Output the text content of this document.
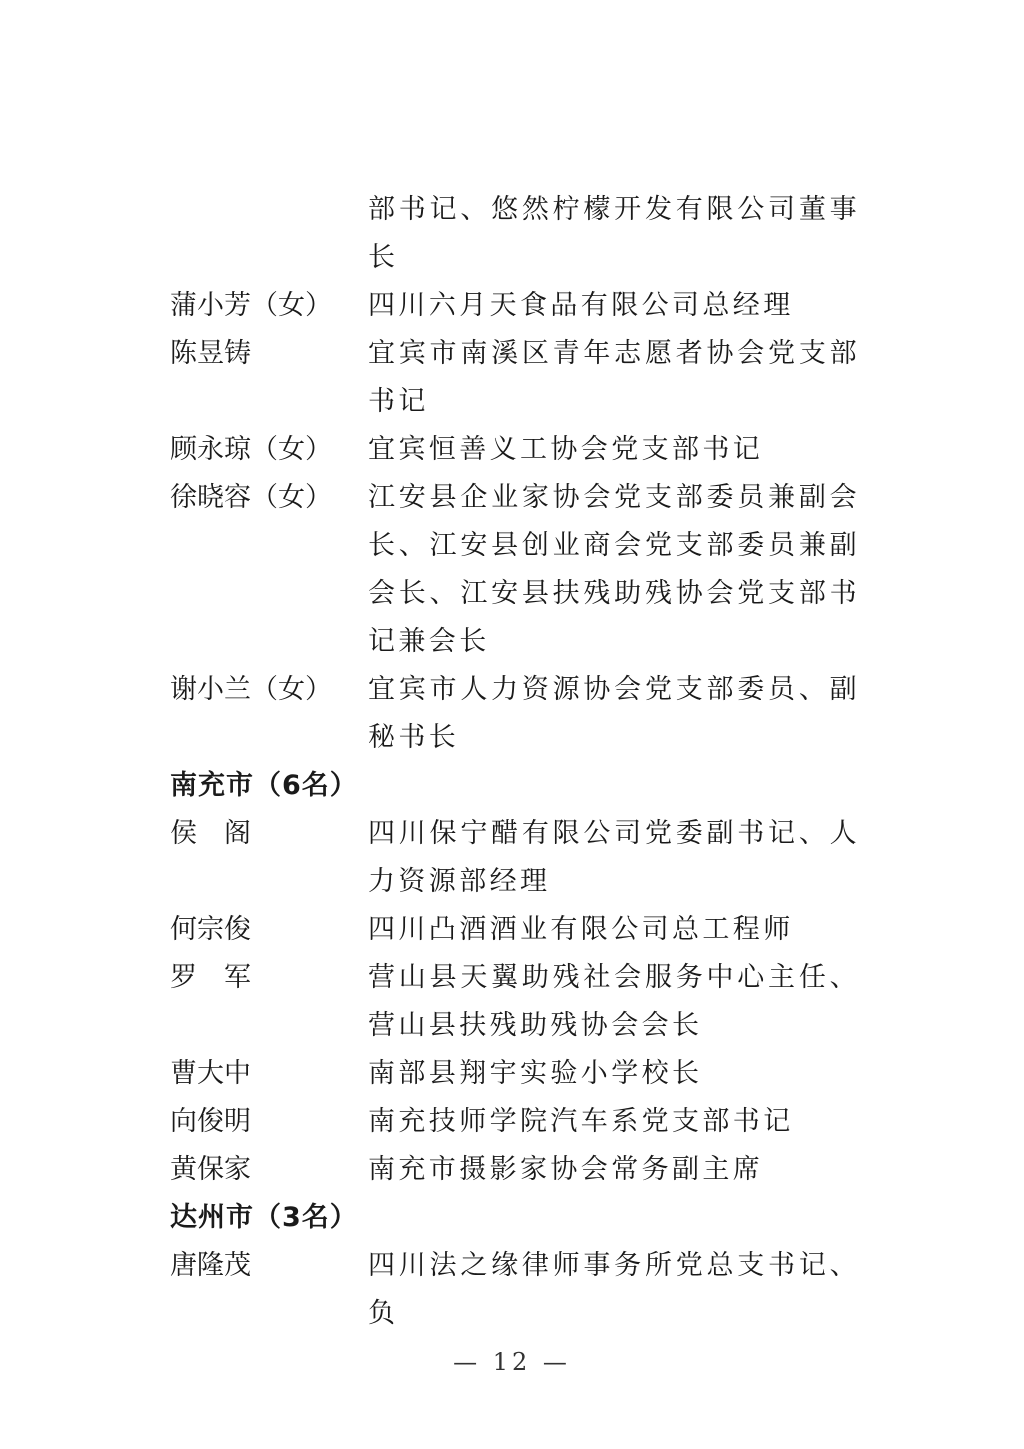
部书记、悠然柠檬开发有限公司董事长
蒲小芳（女）	四川六月天食品有限公司总经理
陈昱铸	宜宾市南溪区青年志愿者协会党支部书记
顾永琼（女）	宜宾恒善义工协会党支部书记
徐晓容（女）	江安县企业家协会党支部委员兼副会长、江安县创业商会党支部委员兼副会长、江安县扶残助残协会党支部书记兼会长
谢小兰（女）	宜宾市人力资源协会党支部委员、副秘书长
南充市（6名）
侯　阁	四川保宁醋有限公司党委副书记、人力资源部经理
何宗俊	四川凸酒酒业有限公司总工程师
罗　军	营山县天翼助残社会服务中心主任、营山县扶残助残协会会长
曹大中	南部县翔宇实验小学校长
向俊明	南充技师学院汽车系党支部书记
黄保家	南充市摄影家协会常务副主席
达州市（3名）
唐隆茂	四川法之缘律师事务所党总支书记、负
— 12 —
